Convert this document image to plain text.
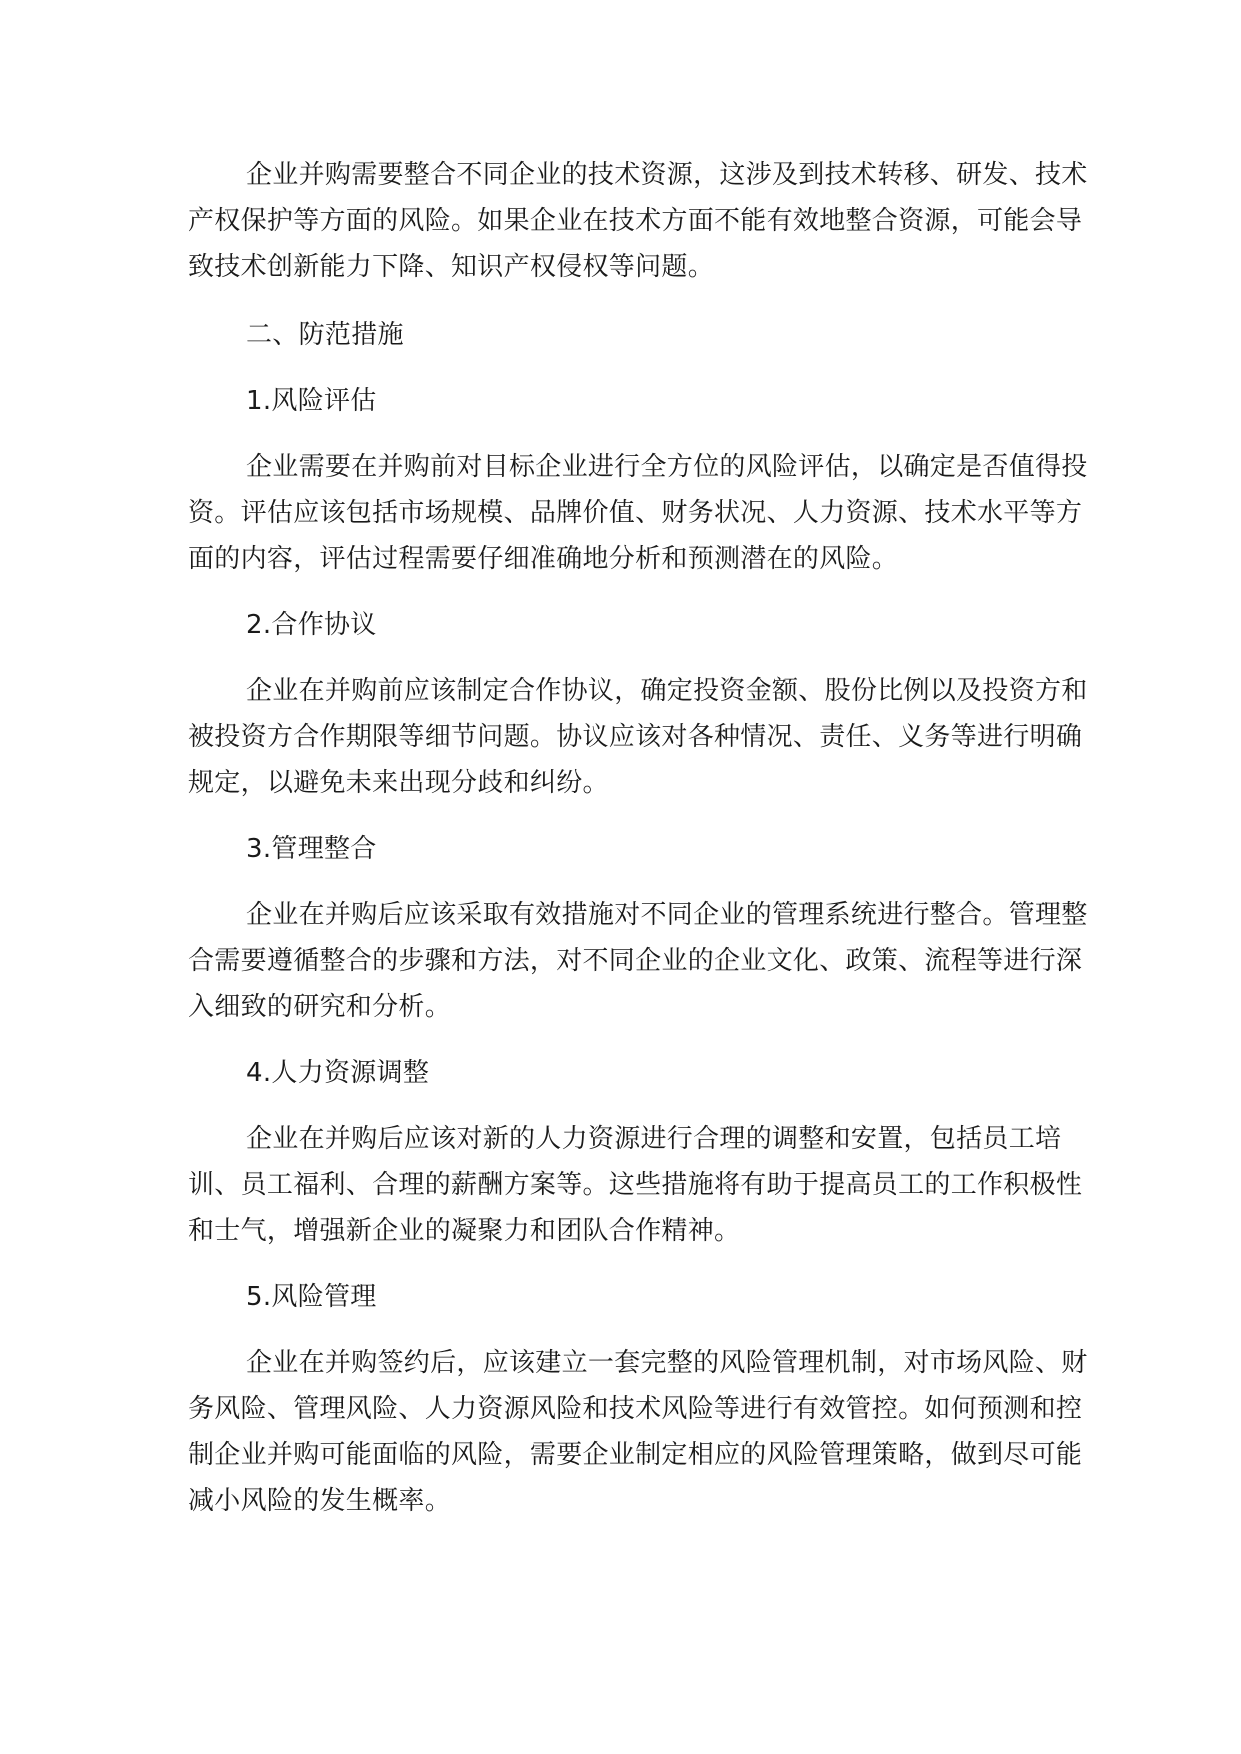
企业并购需要整合不同企业的技术资源，这涉及到技术转移、研发、技术产权保护等方面的风险。如果企业在技术方面不能有效地整合资源，可能会导致技术创新能力下降、知识产权侵权等问题。

二、防范措施

1.风险评估

企业需要在并购前对目标企业进行全方位的风险评估，以确定是否值得投资。评估应该包括市场规模、品牌价值、财务状况、人力资源、技术水平等方面的内容，评估过程需要仔细准确地分析和预测潜在的风险。

2.合作协议

企业在并购前应该制定合作协议，确定投资金额、股份比例以及投资方和被投资方合作期限等细节问题。协议应该对各种情况、责任、义务等进行明确规定，以避免未来出现分歧和纠纷。

3.管理整合

企业在并购后应该采取有效措施对不同企业的管理系统进行整合。管理整合需要遵循整合的步骤和方法，对不同企业的企业文化、政策、流程等进行深入细致的研究和分析。

4.人力资源调整

企业在并购后应该对新的人力资源进行合理的调整和安置，包括员工培训、员工福利、合理的薪酬方案等。这些措施将有助于提高员工的工作积极性和士气，增强新企业的凝聚力和团队合作精神。

5.风险管理

企业在并购签约后，应该建立一套完整的风险管理机制，对市场风险、财务风险、管理风险、人力资源风险和技术风险等进行有效管控。如何预测和控制企业并购可能面临的风险，需要企业制定相应的风险管理策略，做到尽可能减小风险的发生概率。
